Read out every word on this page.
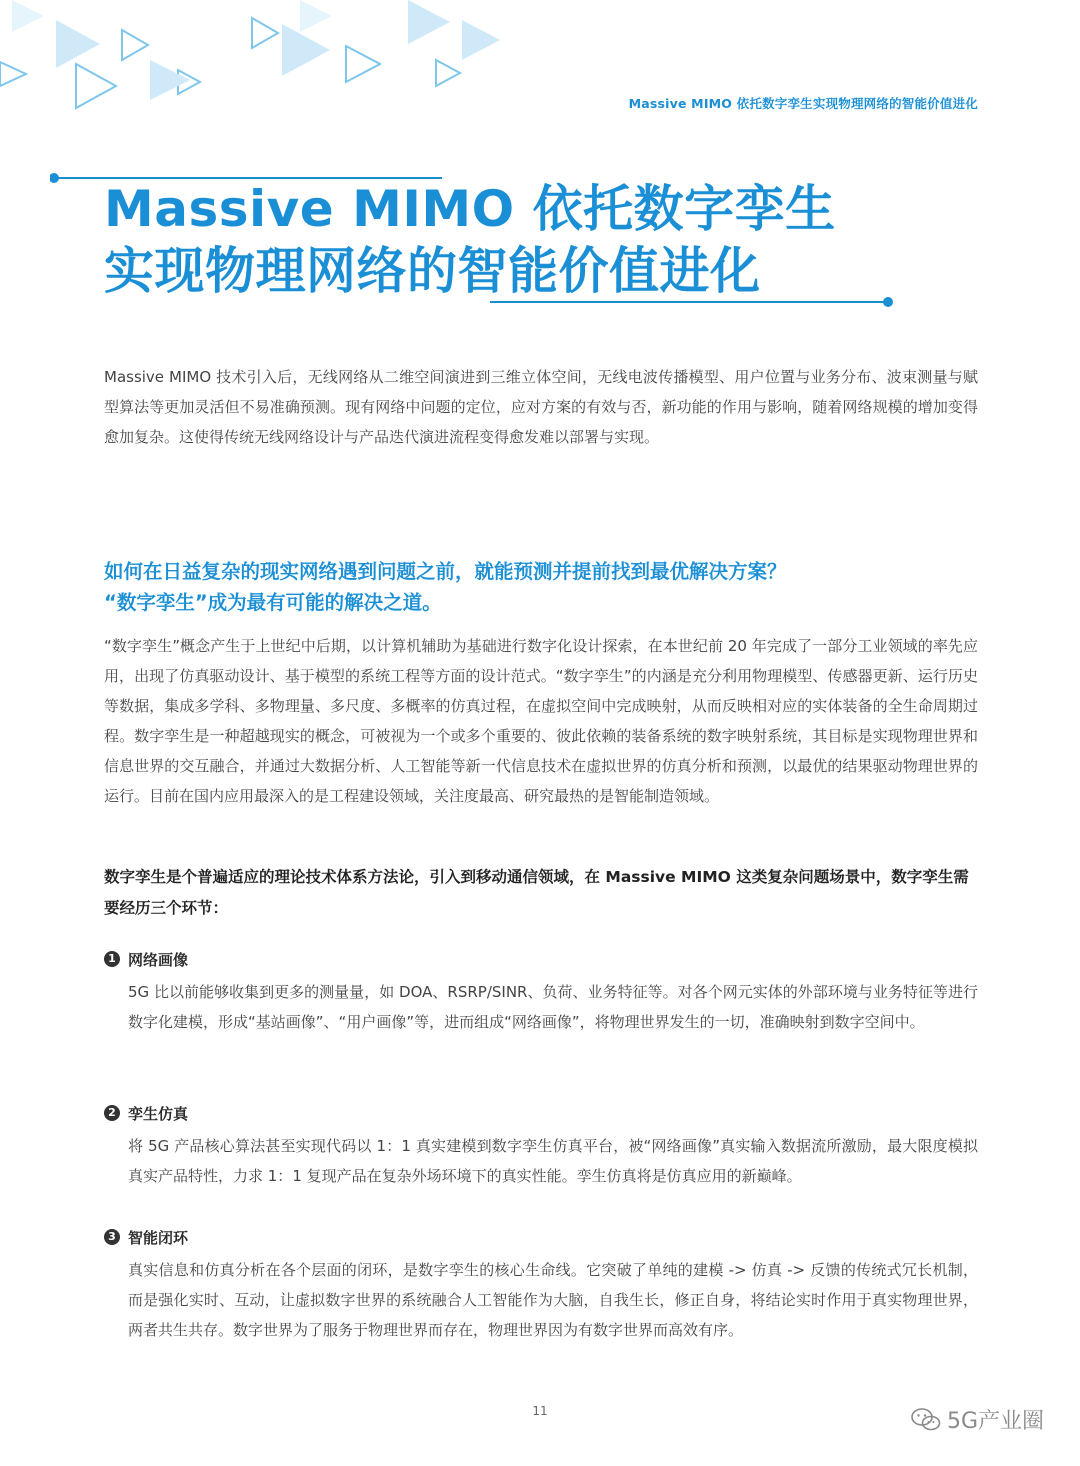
Massive MIMO 依托数字孪生实现物理网络的智能价值进化
Massive MIMO 依托数字孪生
实现物理网络的智能价值进化

Massive MIMO 技术引入后，无线网络从二维空间演进到三维立体空间，无线电波传播模型、用户位置与业务分布、波束测量与赋型算法等更加灵活但不易准确预测。现有网络中问题的定位，应对方案的有效与否，新功能的作用与影响，随着网络规模的增加变得愈加复杂。这使得传统无线网络设计与产品迭代演进流程变得愈发难以部署与实现。

如何在日益复杂的现实网络遇到问题之前，就能预测并提前找到最优解决方案？
“数字孪生”成为最有可能的解决之道。

“数字孪生”概念产生于上世纪中后期，以计算机辅助为基础进行数字化设计探索，在本世纪前 20 年完成了一部分工业领域的率先应用，出现了仿真驱动设计、基于模型的系统工程等方面的设计范式。“数字孪生”的内涵是充分利用物理模型、传感器更新、运行历史等数据，集成多学科、多物理量、多尺度、多概率的仿真过程，在虚拟空间中完成映射，从而反映相对应的实体装备的全生命周期过程。数字孪生是一种超越现实的概念，可被视为一个或多个重要的、彼此依赖的装备系统的数字映射系统，其目标是实现物理世界和信息世界的交互融合，并通过大数据分析、人工智能等新一代信息技术在虚拟世界的仿真分析和预测，以最优的结果驱动物理世界的运行。目前在国内应用最深入的是工程建设领域，关注度最高、研究最热的是智能制造领域。

数字孪生是个普遍适应的理论技术体系方法论，引入到移动通信领域，在 Massive MIMO 这类复杂问题场景中，数字孪生需要经历三个环节：

1 网络画像
5G 比以前能够收集到更多的测量量，如 DOA、RSRP/SINR、负荷、业务特征等。对各个网元实体的外部环境与业务特征等进行数字化建模，形成“基站画像”、“用户画像”等，进而组成“网络画像”，将物理世界发生的一切，准确映射到数字空间中。
2 孪生仿真
将 5G 产品核心算法甚至实现代码以 1：1 真实建模到数字孪生仿真平台，被“网络画像”真实输入数据流所激励，最大限度模拟真实产品特性，力求 1：1 复现产品在复杂外场环境下的真实性能。孪生仿真将是仿真应用的新巅峰。
3 智能闭环
真实信息和仿真分析在各个层面的闭环，是数字孪生的核心生命线。它突破了单纯的建模 -> 仿真 -> 反馈的传统式冗长机制，而是强化实时、互动，让虚拟数字世界的系统融合人工智能作为大脑，自我生长，修正自身，将结论实时作用于真实物理世界，两者共生共存。数字世界为了服务于物理世界而存在，物理世界因为有数字世界而高效有序。
11	5G产业圈
